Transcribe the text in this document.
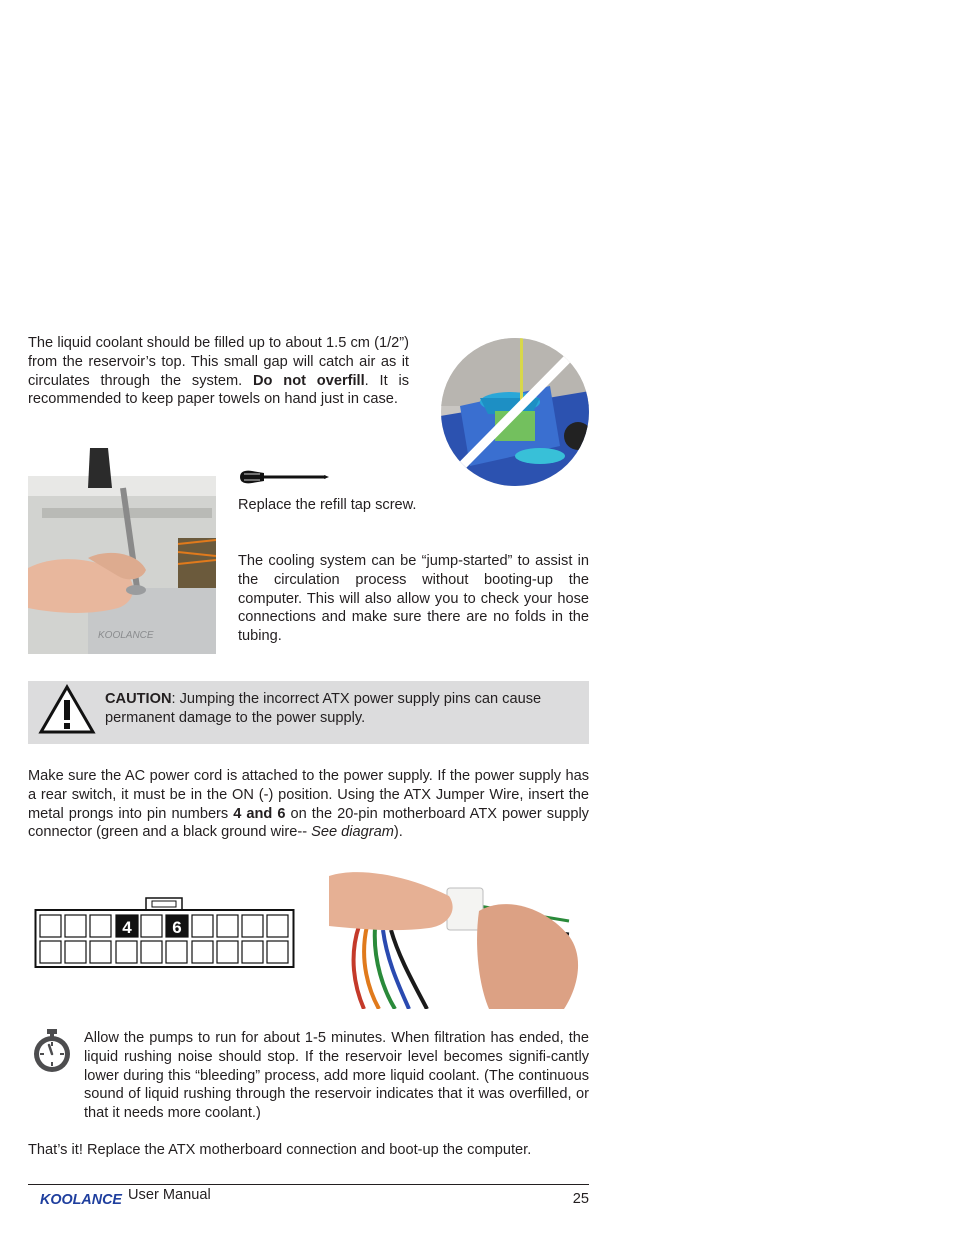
The liquid coolant should be filled up to about 1.5 cm (1/2”) from the reservoir’s top. This small gap will catch air as it circulates through the system. Do not overfill. It is recommended to keep paper towels on hand just in case.
KOOLANCE
Replace the refill tap screw.
The cooling system can be “jump-started” to assist in the circulation process without booting-up the computer. This will also allow you to check your hose connections and make sure there are no folds in the tubing.
CAUTION: Jumping the incorrect ATX power supply pins can cause permanent damage to the power supply.
Make sure the AC power cord is attached to the power supply. If the power supply has a rear switch, it must be in the ON (-) position. Using the ATX Jumper Wire, insert the metal prongs into pin numbers 4 and 6 on the 20-pin motherboard ATX power supply connector (green and a black ground wire-- See diagram).
4 6
Allow the pumps to run for about 1-5 minutes. When filtration has ended, the liquid rushing noise should stop. If the reservoir level becomes signifi-cantly lower during this “bleeding” process, add more liquid coolant. (The continuous sound of liquid rushing through the reservoir indicates that it was overfilled, or that it needs more coolant.)
That’s it! Replace the ATX motherboard connection and boot-up the computer.
KOOLANCE User Manual	25
